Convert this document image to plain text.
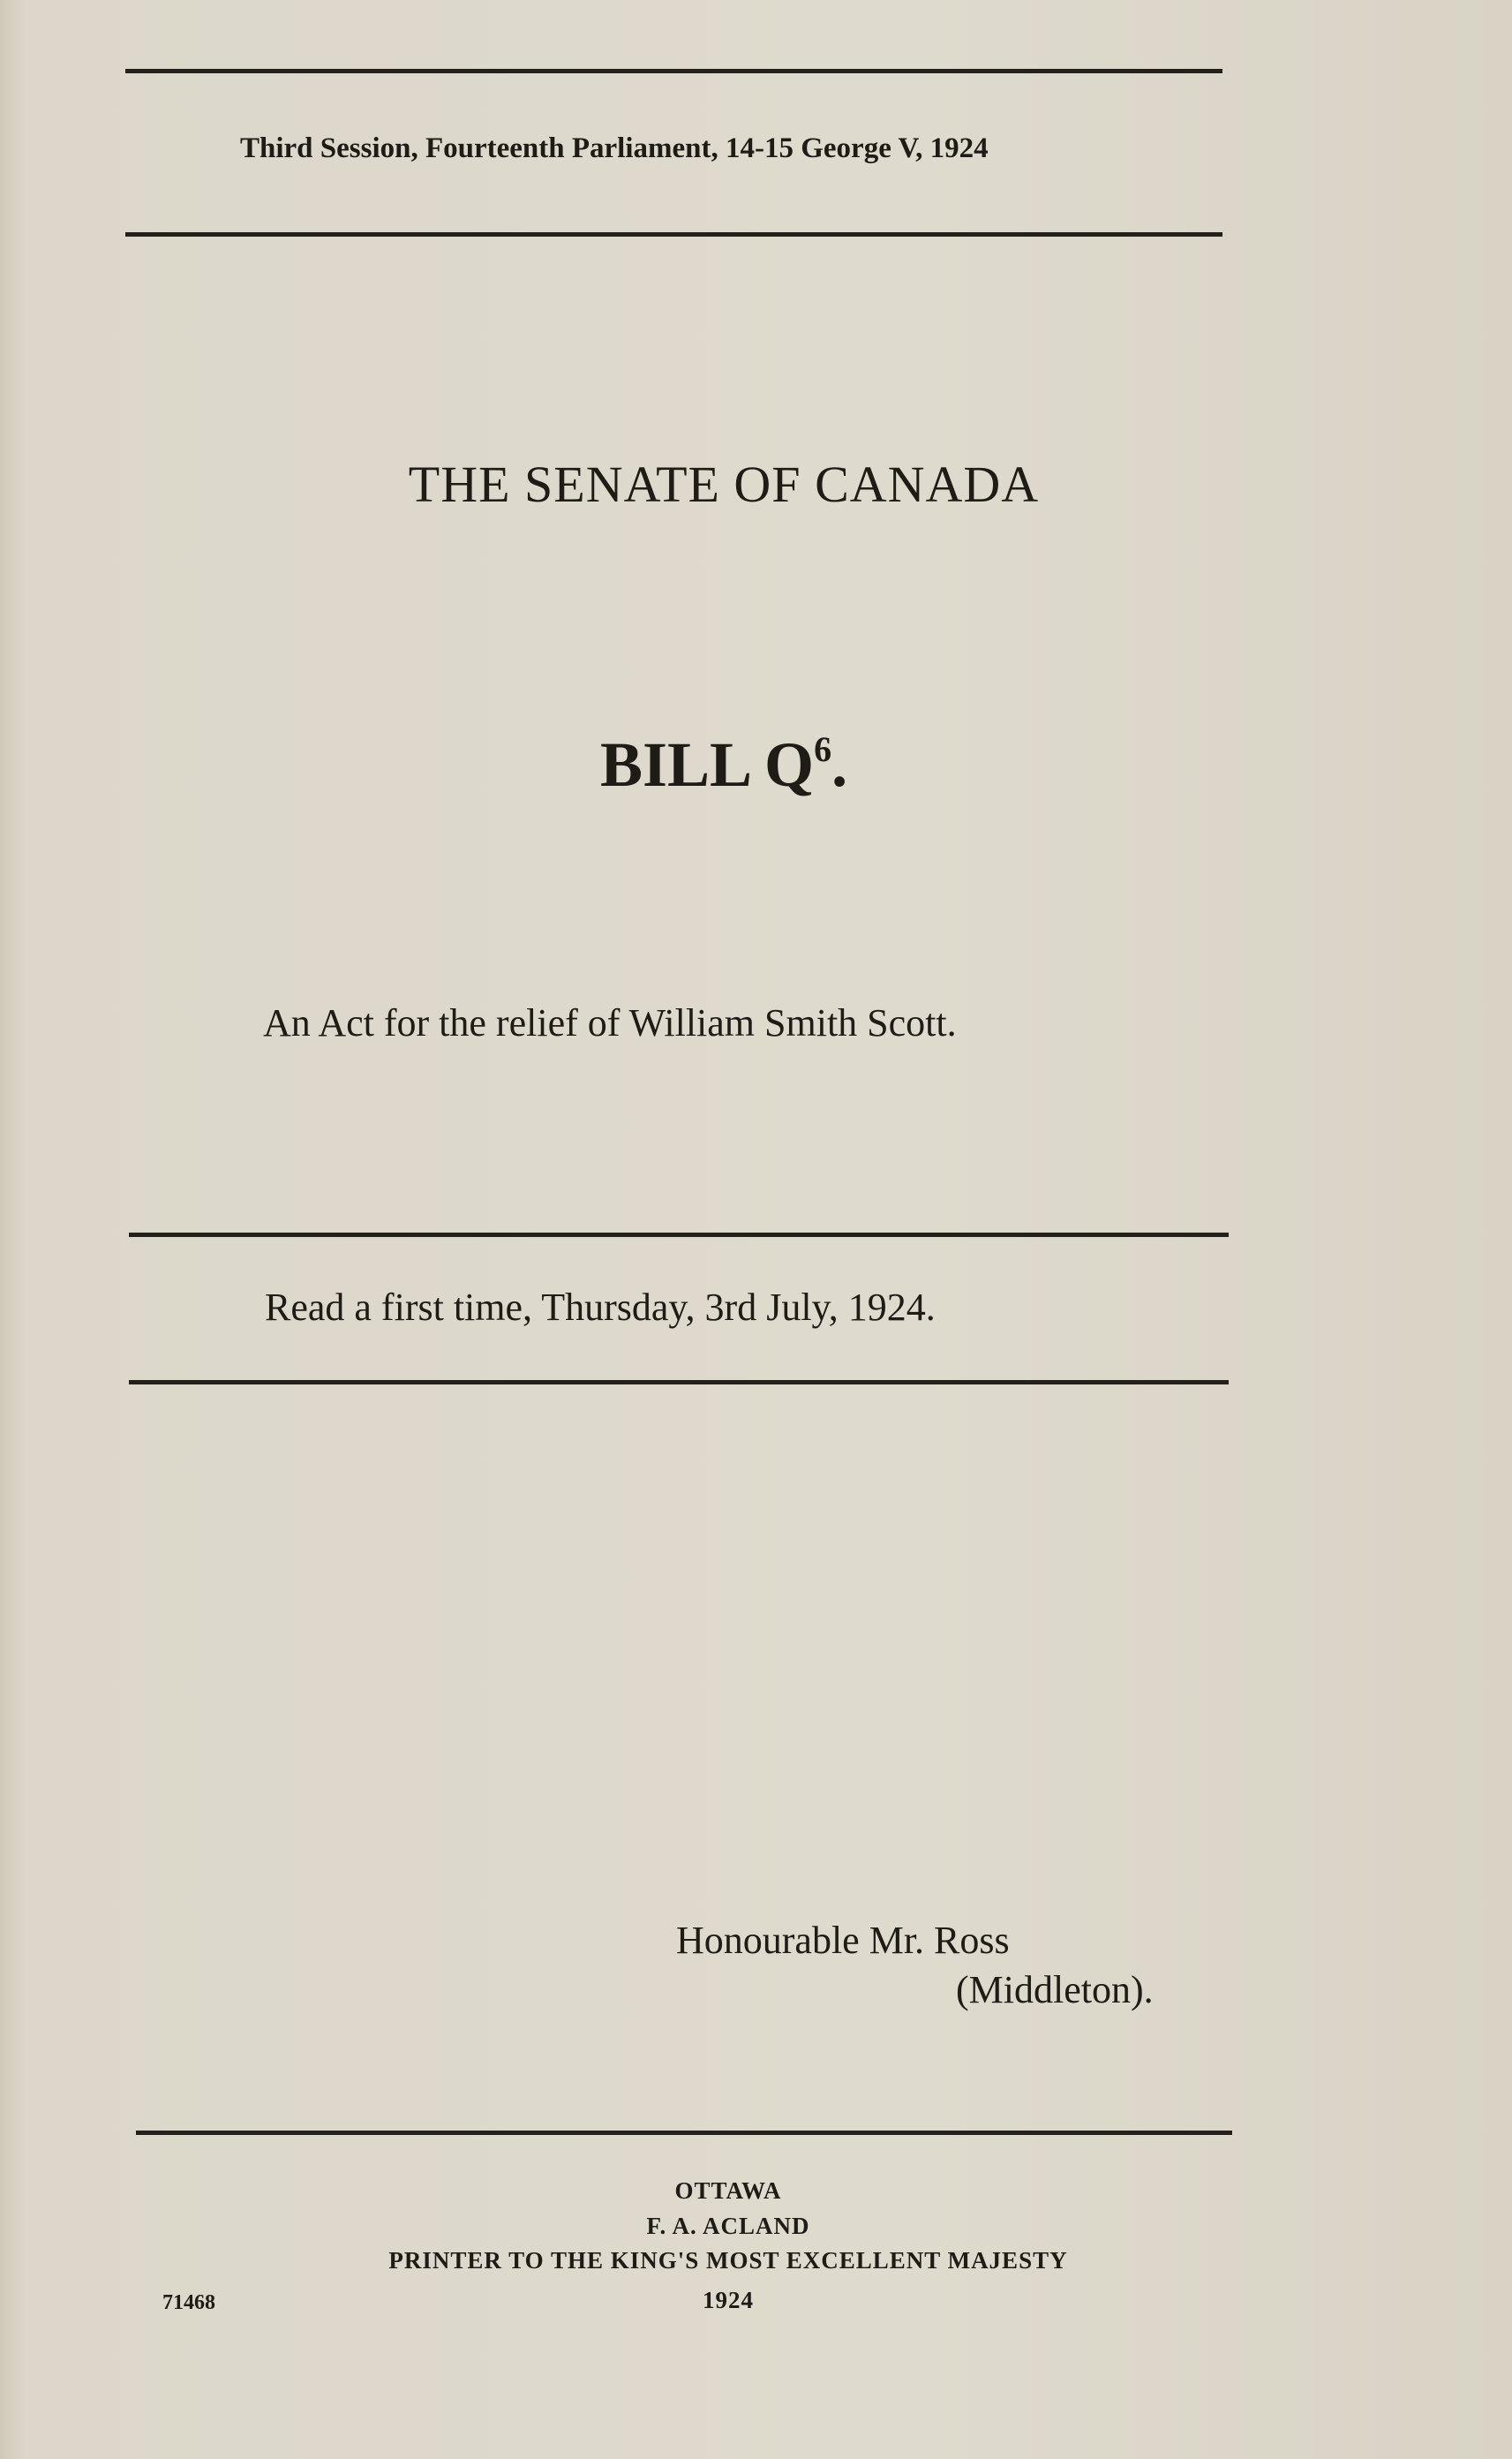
Third Session, Fourteenth Parliament, 14-15 George V, 1924
THE SENATE OF CANADA
BILL $Q^6$.
An Act for the relief of William Smith Scott.
Read a first time, Thursday, 3rd July, 1924.
Honourable Mr. Ross
(Middleton).
OTTAWA
F. A. ACLAND
PRINTER TO THE KING'S MOST EXCELLENT MAJESTY
1924
71468
